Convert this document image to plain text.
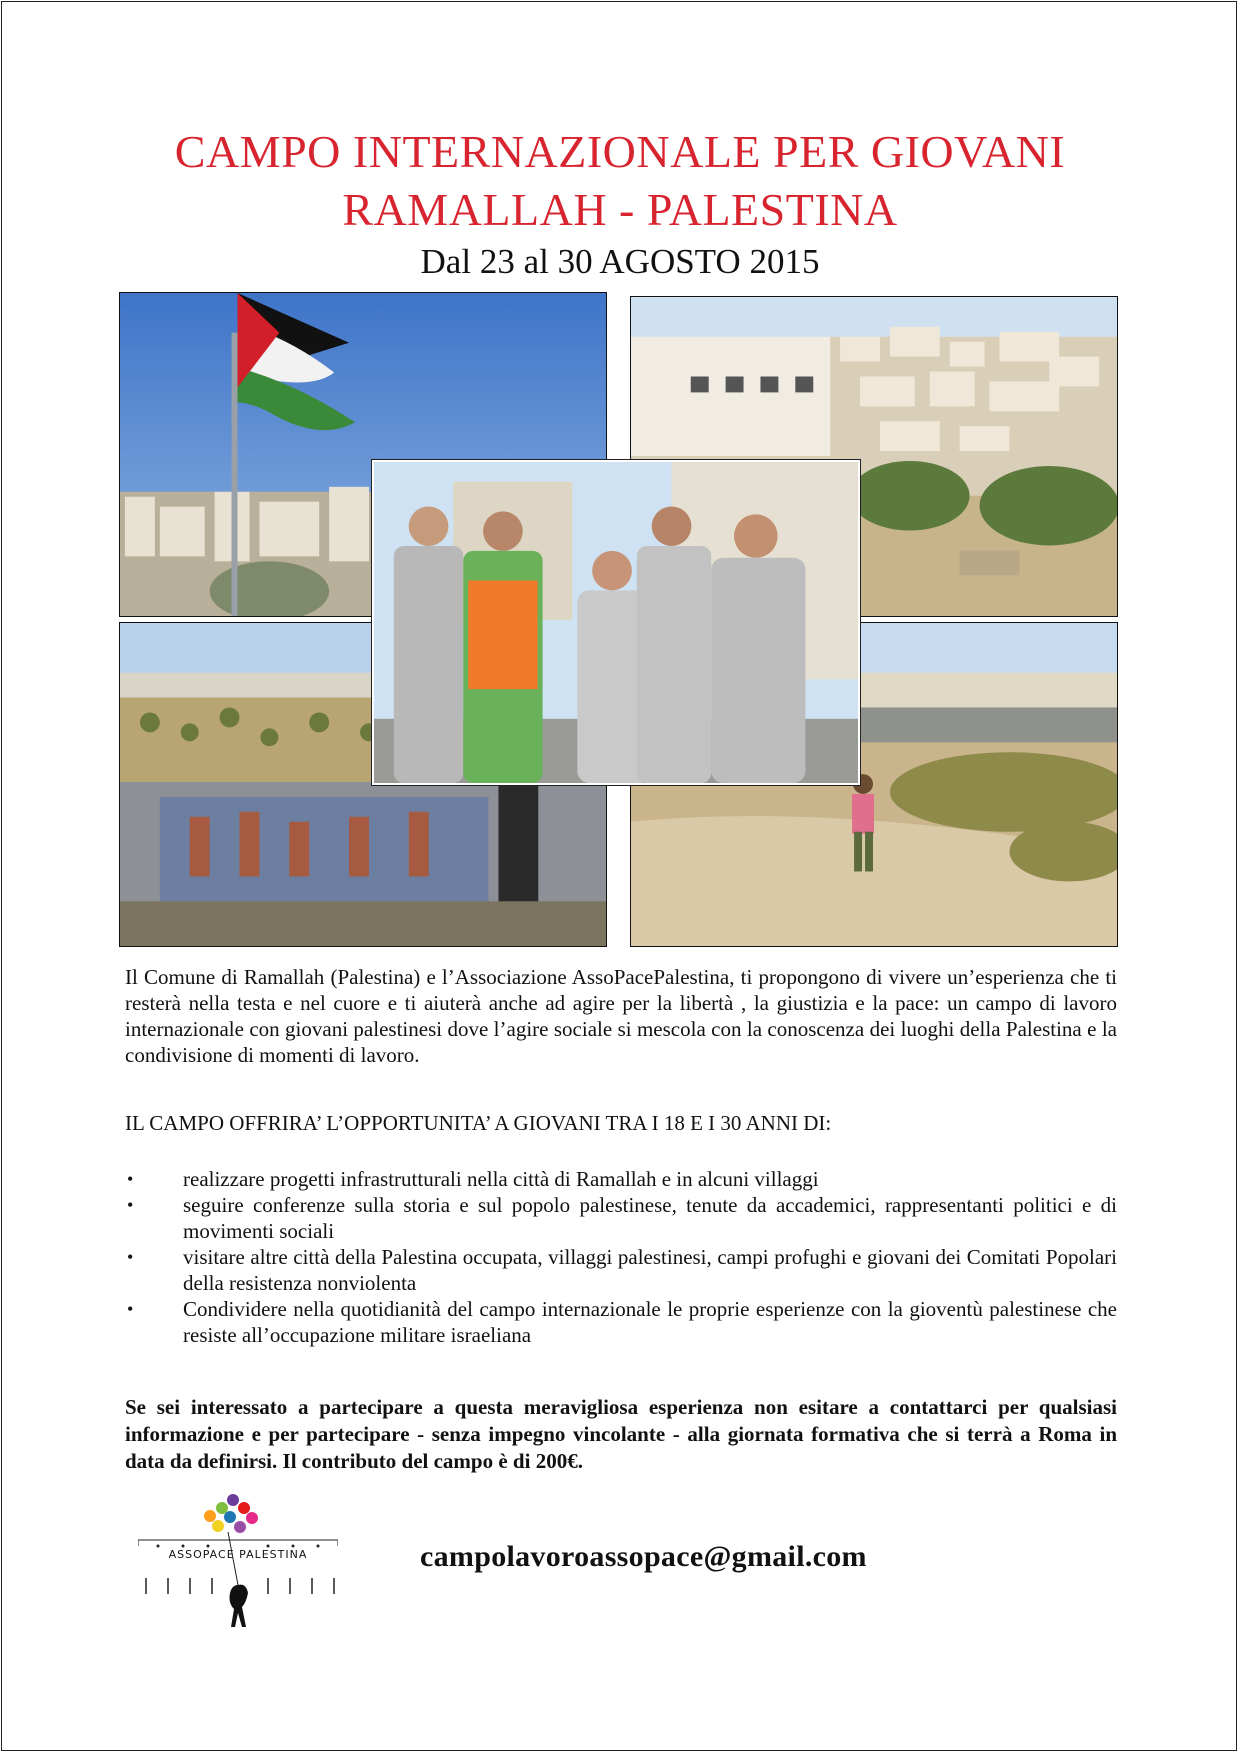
CAMPO INTERNAZIONALE PER GIOVANI
RAMALLAH - PALESTINA
Dal 23 al 30 AGOSTO 2015
Il Comune di Ramallah (Palestina) e l’Associazione AssoPacePalestina, ti propongono di vivere un’esperienza che ti resterà nella testa e nel cuore e ti aiuterà anche ad agire per la libertà , la giustizia e la pace: un campo di lavoro internazionale con giovani palestinesi dove l’agire sociale si mescola con la conoscenza dei luoghi della Palestina e la condivisione di momenti di lavoro.
IL CAMPO OFFRIRA’ L’OPPORTUNITA’ A GIOVANI TRA I 18 E I 30 ANNI DI:
• realizzare progetti infrastrutturali nella città di Ramallah e in alcuni villaggi
• seguire conferenze sulla storia e sul popolo palestinese, tenute da accademici, rappresentanti politici e di movimenti sociali
• visitare altre città della Palestina occupata, villaggi palestinesi, campi profughi e giovani dei Comitati Popolari della resistenza nonviolenta
• Condividere nella quotidianità del campo internazionale le proprie esperienze con la gioventù palestinese che resiste all’occupazione militare israeliana
Se sei interessato a partecipare a questa meravigliosa esperienza non esitare a contattarci per qualsiasi informazione e per partecipare - senza impegno vincolante - alla giornata formativa che si terrà a Roma in data da definirsi. Il contributo del campo è di 200€.
ASSOPACE PALESTINA	campolavoroassopace@gmail.com
